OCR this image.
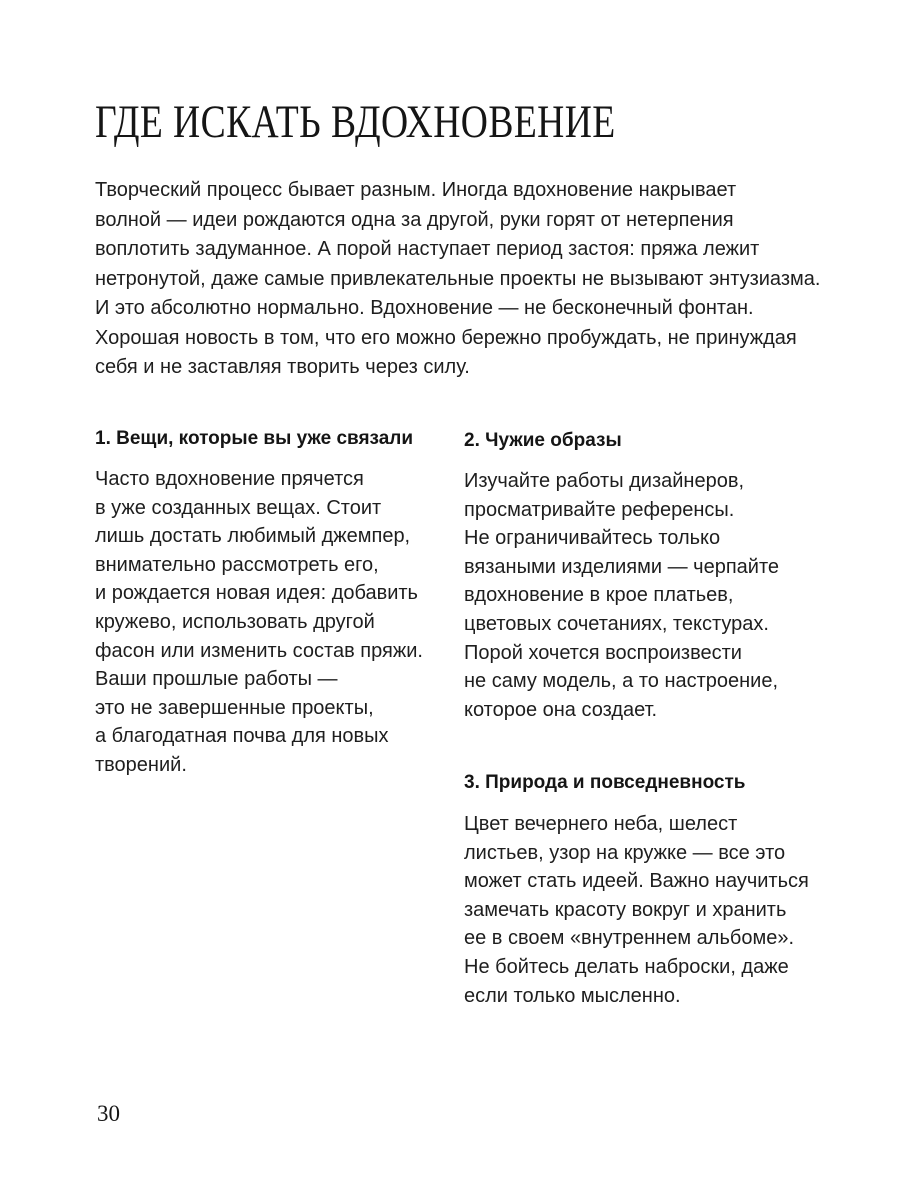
ГДЕ ИСКАТЬ ВДОХНОВЕНИЕ
Творческий процесс бывает разным. Иногда вдохновение накрывает
волной — идеи рождаются одна за другой, руки горят от нетерпения
воплотить задуманное. А порой наступает период застоя: пряжа лежит
нетронутой, даже самые привлекательные проекты не вызывают энтузиазма.
И это абсолютно нормально. Вдохновение — не бесконечный фонтан.
Хорошая новость в том, что его можно бережно пробуждать, не принуждая
себя и не заставляя творить через силу.
1. Вещи, которые вы уже связали
Часто вдохновение прячется
в уже созданных вещах. Стоит
лишь достать любимый джемпер,
внимательно рассмотреть его,
и рождается новая идея: добавить
кружево, использовать другой
фасон или изменить состав пряжи.
Ваши прошлые работы —
это не завершенные проекты,
а благодатная почва для новых
творений.
2. Чужие образы
Изучайте работы дизайнеров,
просматривайте референсы.
Не ограничивайтесь только
вязаными изделиями — черпайте
вдохновение в крое платьев,
цветовых сочетаниях, текстурах.
Порой хочется воспроизвести
не саму модель, а то настроение,
которое она создает.
3. Природа и повседневность
Цвет вечернего неба, шелест
листьев, узор на кружке — все это
может стать идеей. Важно научиться
замечать красоту вокруг и хранить
ее в своем «внутреннем альбоме».
Не бойтесь делать наброски, даже
если только мысленно.
30
